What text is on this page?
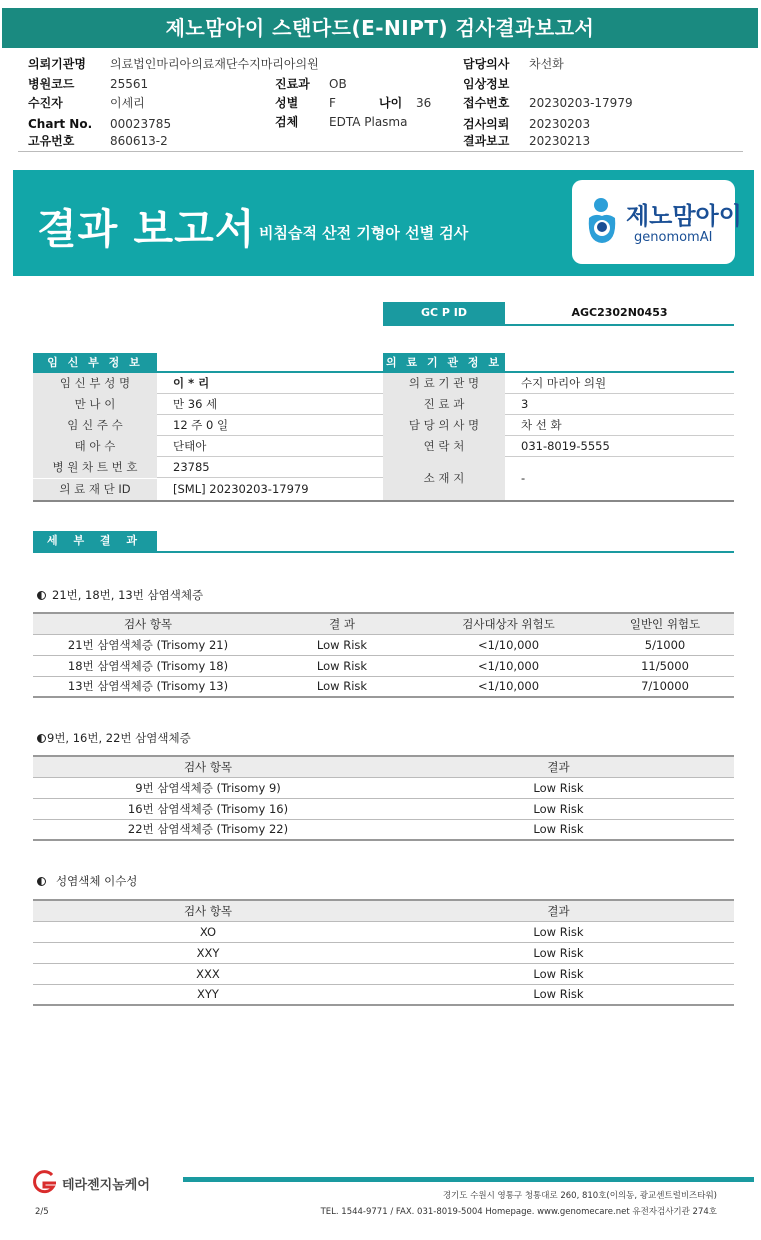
제노맘아이 스탠다드(E-NIPT) 검사결과보고서
의뢰기관명 의료법인마리아의료재단수지마리아의원
병원코드	25561
수진자	이세리
Chart No. 00023785
고유번호	860613-2
진료과 OB
성별	F
검체	EDTA Plasma
나이 36
담당의사 차선화
임상정보
접수번호 20230203-17979
검사의뢰 20230203
결과보고 20230213
결과 보고서 비침습적 산전 기형아 선별 검사
제노맘아이
genomomAI
GC P ID	AGC2302N0453
임 신 부 정 보
임 신 부 성 명	이 * 리
만 나 이	만 36 세
임 신 주 수	12 주 0 일
태 아 수	단태아
병 원 차 트 번 호	23785
의 료 재 단 ID	[SML] 20230203-17979
의 료 기 관 정 보
의 료 기 관 명	수지 마리아 의원
진 료 과	3
담 당 의 사 명	차 선 화
연 락 처	031-8019-5555
소 재 지	-
세 부 결 과
21번, 18번, 13번 삼염색체증
검사 항목	결 과	검사대상자 위험도	일반인 위험도
21번 삼염색체증 (Trisomy 21)	Low Risk	<1/10,000	5/1000
18번 삼염색체증 (Trisomy 18)	Low Risk	<1/10,000	11/5000
13번 삼염색체증 (Trisomy 13)	Low Risk	<1/10,000	7/10000
9번, 16번, 22번 삼염색체증
검사 항목	결과
9번 삼염색체증 (Trisomy 9)	Low Risk
16번 삼염색체증 (Trisomy 16)	Low Risk
22번 삼염색체증 (Trisomy 22)	Low Risk
성염색체 이수성
검사 항목	결과
XO	Low Risk
XXY	Low Risk
XXX	Low Risk
XYY	Low Risk
테라젠지놈케어
경기도 수원시 영통구 청통대로 260, 810호(이의동, 광교센트럴비즈타워)
TEL. 1544-9771 / FAX. 031-8019-5004 Homepage. www.genomecare.net 유전자검사기관 274호
2/5
